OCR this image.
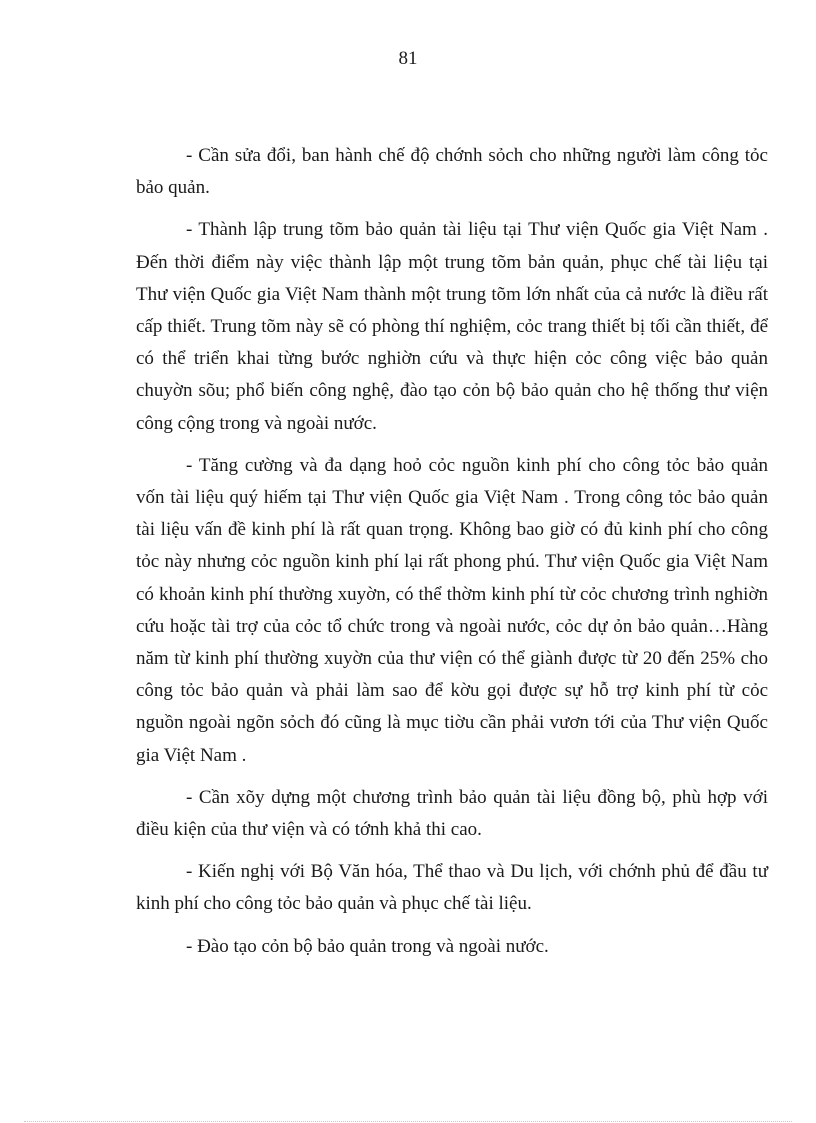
81

- Cần sửa đổi, ban hành chế độ chớnh sỏch cho những người làm công tỏc bảo quản.

- Thành lập trung tõm bảo quản tài liệu tại Thư viện Quốc gia Việt Nam . Đến thời điểm này việc thành lập một trung tõm bản quản, phục chế tài liệu tại Thư viện Quốc gia Việt Nam thành một trung tõm lớn nhất của cả nước là điều rất cấp thiết. Trung tõm này sẽ có phòng thí nghiệm, cỏc trang thiết bị tối cần thiết, để có thể triển khai từng bước nghiờn cứu và thực hiện cỏc công việc bảo quản chuyờn sõu; phổ biến công nghệ, đào tạo cỏn bộ bảo quản cho hệ thống thư viện công cộng trong và ngoài nước.

- Tăng cường và đa dạng hoỏ cỏc nguồn kinh phí cho công tỏc bảo quản vốn tài liệu quý hiếm tại Thư viện Quốc gia Việt Nam . Trong công tỏc bảo quản tài liệu vấn đề kinh phí là rất quan trọng. Không bao giờ có đủ kinh phí cho công tỏc này nhưng cỏc nguồn kinh phí lại rất phong phú. Thư viện Quốc gia Việt Nam có khoản kinh phí thường xuyờn, có thể thờm kinh phí từ cỏc chương trình nghiờn cứu hoặc tài trợ của cỏc tổ chức trong và ngoài nước, cỏc dự ỏn bảo quản…Hàng năm từ kinh phí thường xuyờn của thư viện có thể giành được từ 20 đến 25% cho công tỏc bảo quản và phải làm sao để kờu gọi được sự hỗ trợ kinh phí từ cỏc nguồn ngoài ngõn sỏch đó cũng là mục tiờu cần phải vươn tới của Thư viện Quốc gia Việt Nam .

- Cần xõy dựng một chương trình bảo quản tài liệu đồng bộ, phù hợp với điều kiện của thư viện và có tớnh khả thi cao.

- Kiến nghị với Bộ Văn hóa, Thể thao và Du lịch, với chớnh phủ để đầu tư kinh phí cho công tỏc bảo quản và phục chế tài liệu.

- Đào tạo cỏn bộ bảo quản trong và ngoài nước.
